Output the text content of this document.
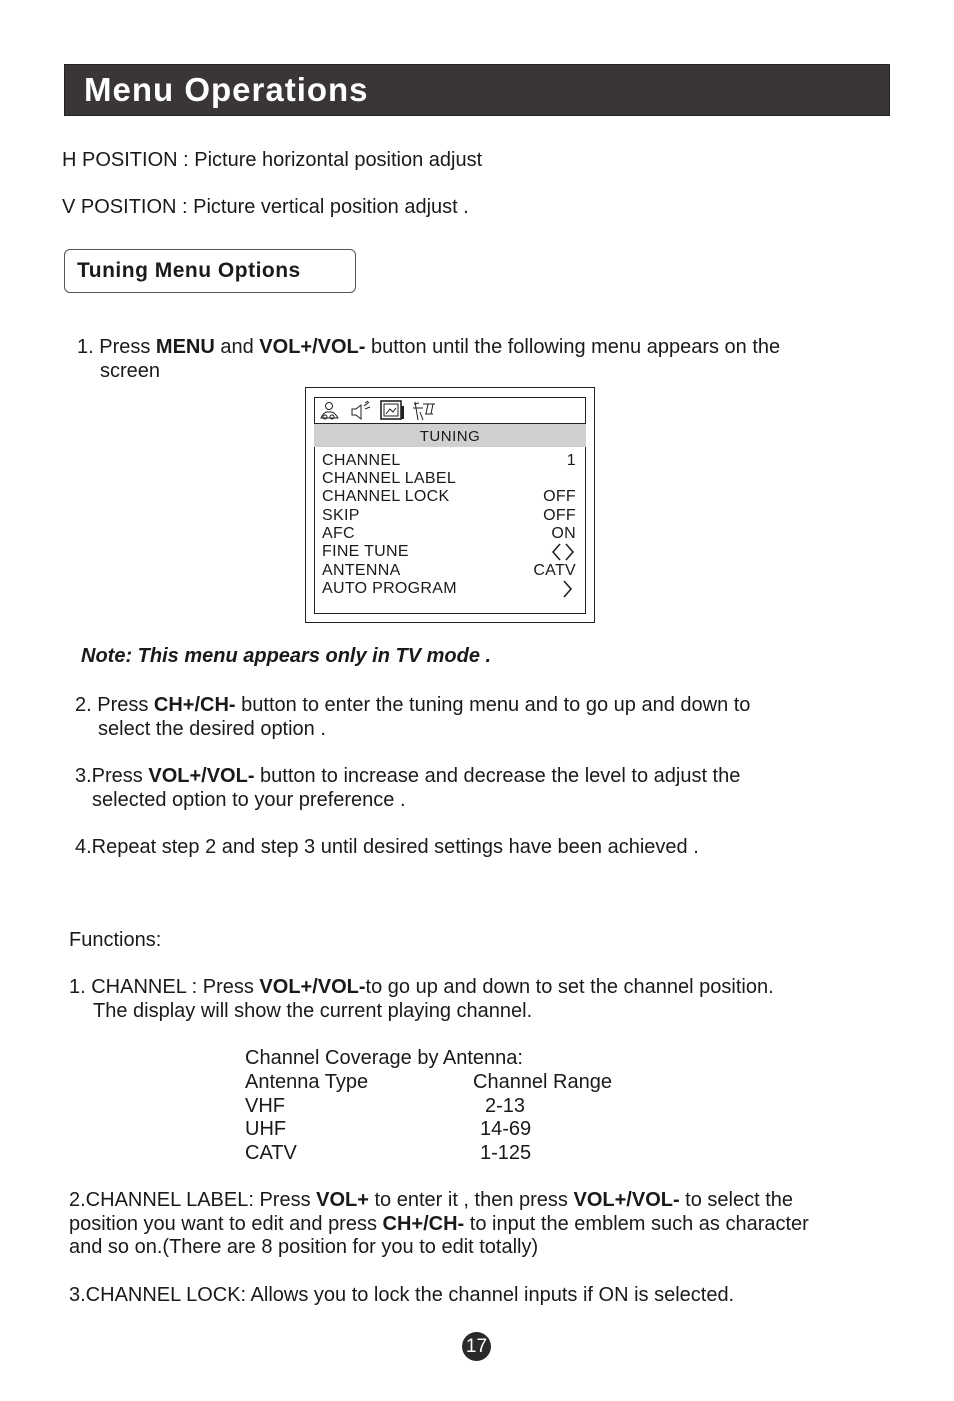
Menu Operations
H POSITION : Picture horizontal position adjust
V POSITION : Picture vertical position adjust .
Tuning Menu Options
1. Press MENU and VOL+/VOL- button until the following menu appears on the
screen
TUNING
CHANNEL	1
CHANNEL LABEL
CHANNEL LOCK	OFF
SKIP	OFF
AFC	ON
FINE TUNE
ANTENNA	CATV
AUTO PROGRAM
Note: This menu appears only in TV mode .
2. Press CH+/CH- button to enter the tuning menu and to go up and down to
select the desired option .
3.Press VOL+/VOL- button to increase and decrease the level to adjust the
selected option to your preference .
4.Repeat step 2 and step 3 until desired settings have been achieved .
Functions:
1. CHANNEL : Press VOL+/VOL-to go up and down to set the channel position.
The display will show the current playing channel.
Channel Coverage by Antenna:
Antenna Type	Channel Range
VHF	2-13
UHF	14-69
CATV	1-125
2.CHANNEL LABEL: Press VOL+ to enter it , then press VOL+/VOL- to select the
position you want to edit and press CH+/CH- to input the emblem such as character
and so on.(There are 8 position for you to edit totally)
3.CHANNEL LOCK: Allows you to lock the channel inputs if ON is selected.
17
